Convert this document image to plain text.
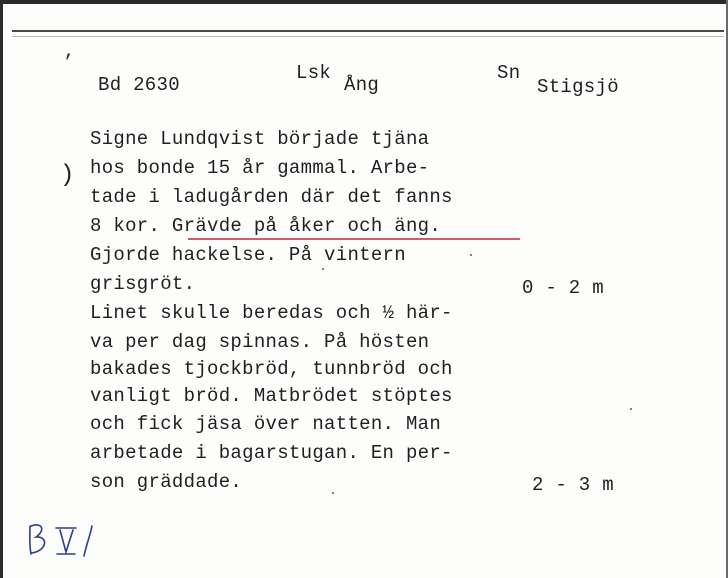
,
)
Bd 2630
Lsk
Ång
Sn
Stigsjö
Signe Lundqvist började tjäna
hos bonde 15 år gammal. Arbe-
tade i ladugården där det fanns
8 kor. Grävde på åker och äng.
Gjorde hackelse. På vintern
grisgröt.
Linet skulle beredas och ½ här-
va per dag spinnas. På hösten
bakades tjockbröd, tunnbröd och
vanligt bröd. Matbrödet stöptes
och fick jäsa över natten. Man
arbetade i bagarstugan. En per-
son gräddade.
0 - 2 m
2 - 3 m
